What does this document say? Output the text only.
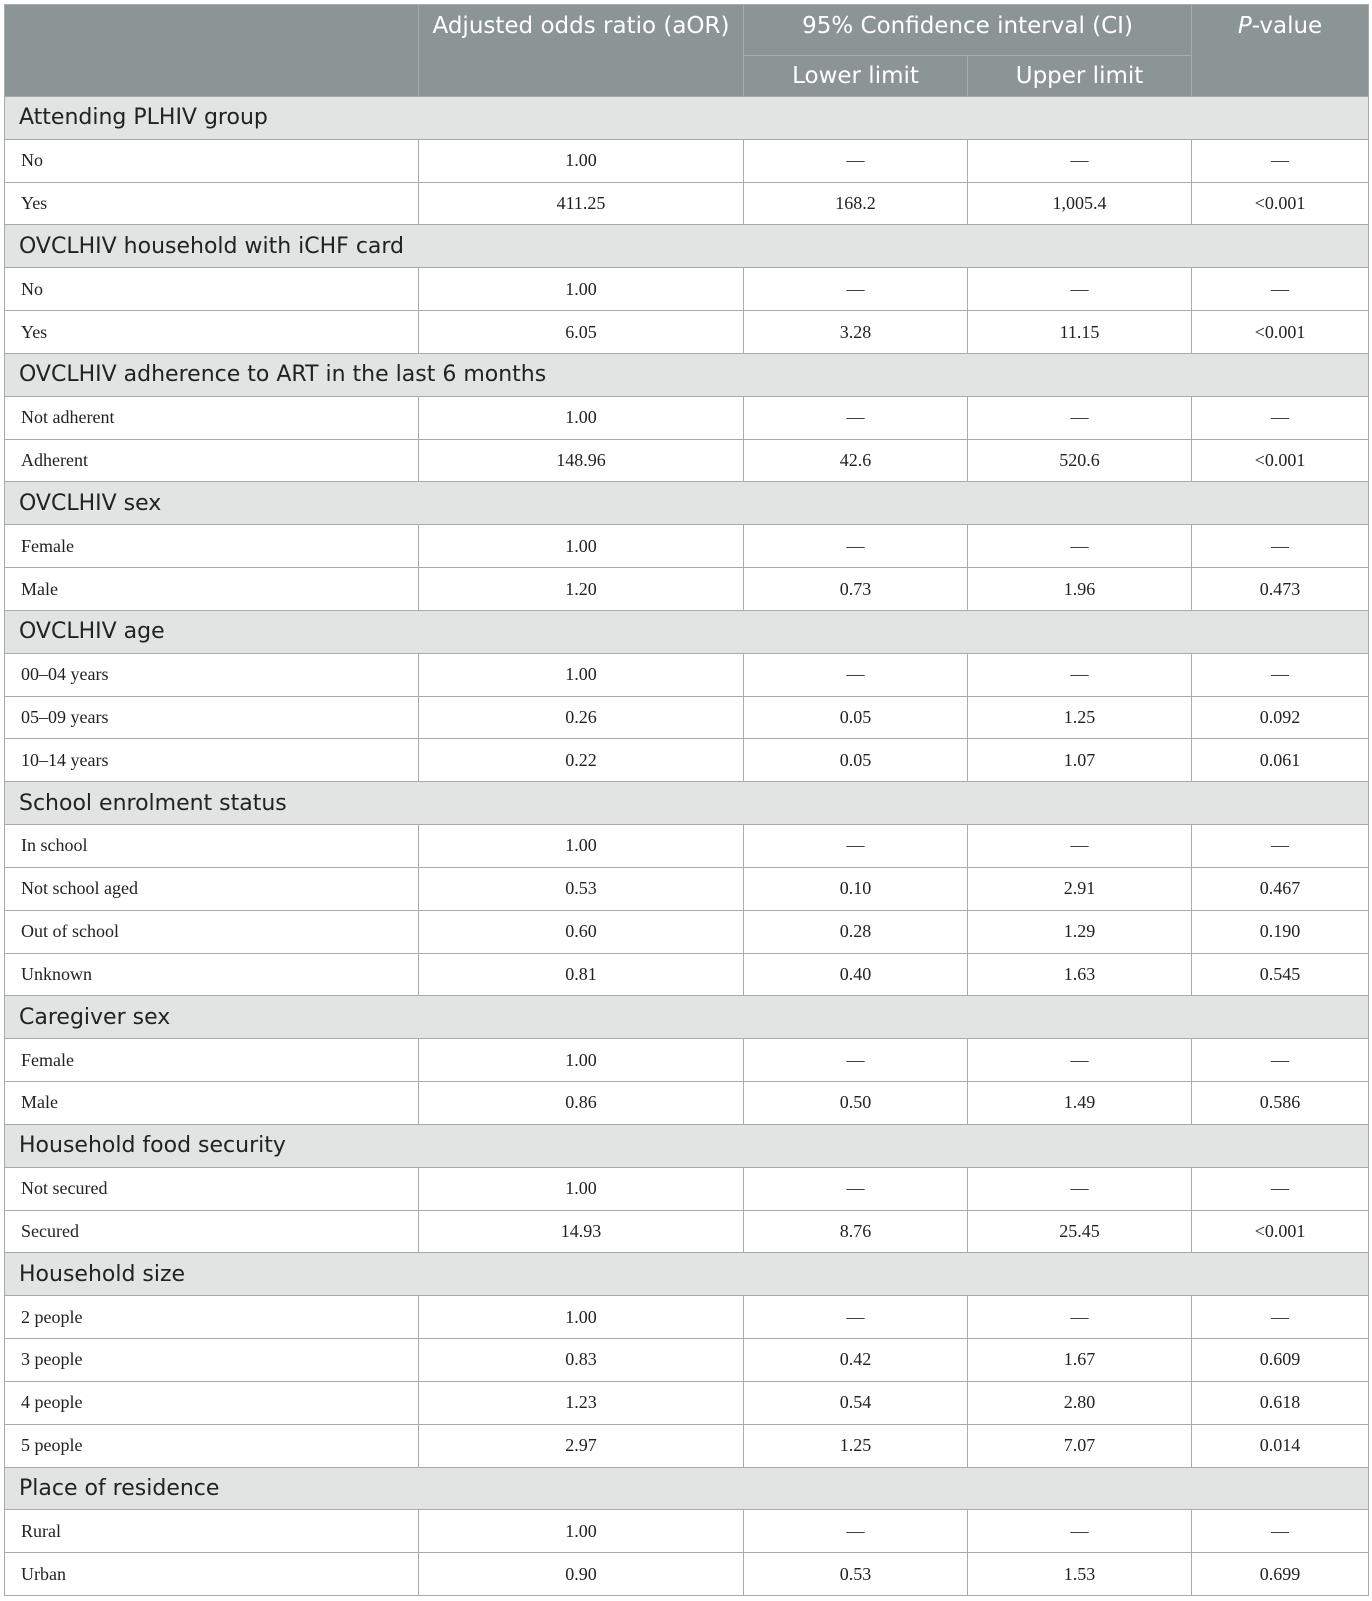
	Adjusted odds ratio (aOR)	95% Confidence interval (CI)		P-value
		Lower limit	Upper limit	
Attending PLHIV group				
No	1.00	—	—	—
Yes	411.25	168.2	1,005.4	<0.001
OVCLHIV household with iCHF card				
No	1.00	—	—	—
Yes	6.05	3.28	11.15	<0.001
OVCLHIV adherence to ART in the last 6 months				
Not adherent	1.00	—	—	—
Adherent	148.96	42.6	520.6	<0.001
OVCLHIV sex				
Female	1.00	—	—	—
Male	1.20	0.73	1.96	0.473
OVCLHIV age				
00–04 years	1.00	—	—	—
05–09 years	0.26	0.05	1.25	0.092
10–14 years	0.22	0.05	1.07	0.061
School enrolment status				
In school	1.00	—	—	—
Not school aged	0.53	0.10	2.91	0.467
Out of school	0.60	0.28	1.29	0.190
Unknown	0.81	0.40	1.63	0.545
Caregiver sex				
Female	1.00	—	—	—
Male	0.86	0.50	1.49	0.586
Household food security				
Not secured	1.00	—	—	—
Secured	14.93	8.76	25.45	<0.001
Household size				
2 people	1.00	—	—	—
3 people	0.83	0.42	1.67	0.609
4 people	1.23	0.54	2.80	0.618
5 people	2.97	1.25	7.07	0.014
Place of residence				
Rural	1.00	—	—	—
Urban	0.90	0.53	1.53	0.699
